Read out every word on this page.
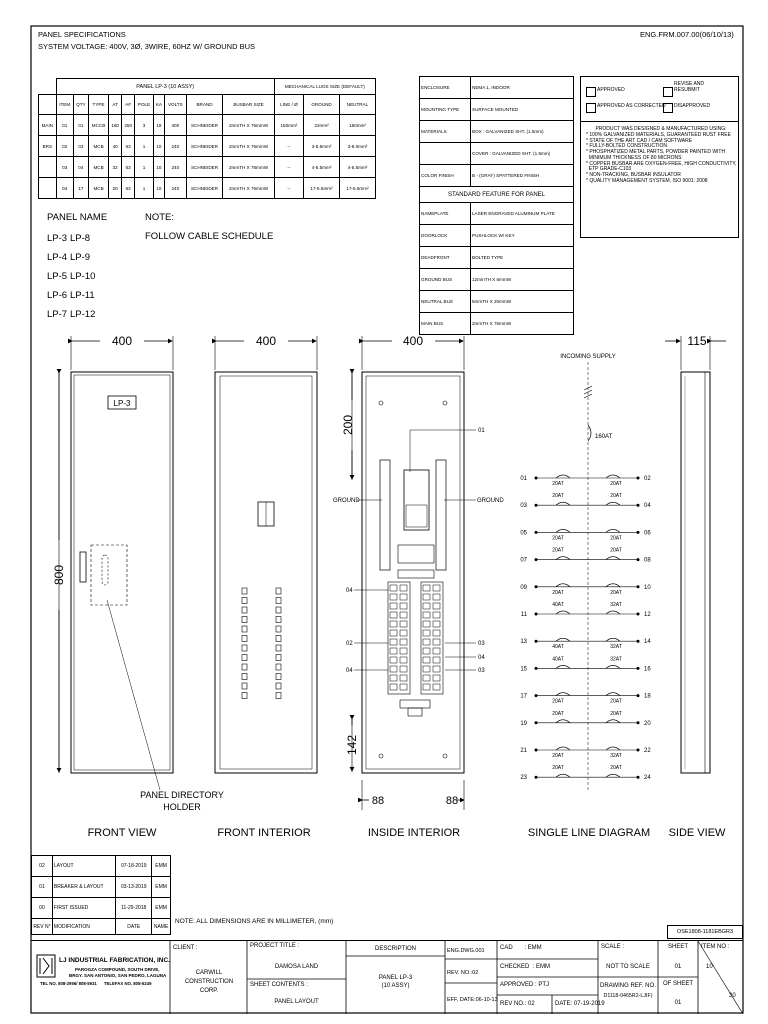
PANEL SPECIFICATIONS
SYSTEM VOLTAGE: 400V, 3Ø, 3WIRE, 60HZ W/ GROUND BUS
ENG.FRM.007.00(06/10/13)
	PANEL LP-3 (10 ASSY)										MECHANICAL LUGS SIZE (DEFAULT)		
	ITEM	QTY	TYPE	AT	AF	POLE	KA	VOLTS	BRAND	BUSBAR SIZE	LINE / Ø	GROUND	NEUTRAL
MAIN	01	01	MCCB	160	250	3	18	400	SCHNEIDER	2mmTH X 76mmW	150mm²	22mm²	150mm²
BRS	02	03	MCB	40	63	1	10	240	SCHNEIDER	2mmTH X 76mmW	--	3-5.5mm²	3-8.0mm²
	03	04	MCB	32	63	1	10	240	SCHNEIDER	2mmTH X 76mmW	--	4-5.5mm²	4-5.5mm²
	04	17	MCB	20	63	1	10	240	SCHNEIDER	2mmTH X 76mmW	--	17-5.5mm²	17-5.5mm²
ENCLOSURE	NEMA 1, INDOOR
MOUNTING TYPE	SURFACE MOUNTED
MATERIALS	BOX : GALVANIZED SHT. (1.5mm)
	COVER : GALVANIZED SHT. (1.5mm)
COLOR FINISH	B - (GRAY) SPATTERED FINISH
STANDARD FEATURE FOR PANEL	
NAMEPLATE	LASER ENGRAVED ALUMINUM PLATE
DOORLOCK	PUSHLOCK W/ KEY
DEADFRONT	BOLTED TYPE
GROUND BUS	12mmTH X 6mmW
NEUTRAL BUS	5mmTH X 20mmW
MAIN BUS	2mmTH X 76mmW
APPROVED
APPROVED AS CORRECTED
REVISE AND RESUBMIT
DISAPPROVED
PRODUCT WAS DESIGNED & MANUFACTURED USING:
* 100% GALVANIZED MATERIALS, GUARANTEED RUST FREE
* STATE OF THE ART CAD / CAM SOFTWARE
* FULLY-BOLTED CONSTRUCTION
* PHOSPHATIZED METAL PARTS, POWDER PAINTED WITH
MINIMUM THICKNESS OF 80 MICRONS
* COPPER BUSBAR ARE OXYGEN-FREE, HIGH CONDUCTIVITY,
ETP GRADE-C103
* NON-TRACKING, BUSBAR INSULATOR
* QUALITY MANAGEMENT SYSTEM, ISO 9001: 2008
PANEL NAME
LP-3
LP-4
LP-5
LP-6
LP-7
LP-8
LP-9
LP-10
LP-11
LP-12
NOTE:
FOLLOW CABLE SCHEDULE
400
LP-3
800
PANEL DIRECTORY
HOLDER
400	400
200
142
01
GROUND	GROUND
04
02
04
03
04
03
88	88
INCOMING SUPPLY
160AT
01	02
20AT	20AT
03	04
20AT	20AT
05	06
20AT	20AT
07	08
20AT	20AT
09	10
20AT	20AT
11	12
40AT	32AT
13	14
40AT	32AT
15	16
40AT	32AT
17	18
20AT	20AT
19	20
20AT	20AT
21	22
20AT	32AT
23	24
20AT	20AT
115
FRONT VIEW	FRONT INTERIOR	INSIDE INTERIOR	SINGLE LINE DIAGRAM SIDE VIEW
02	LAYOUT	07-18-2019	EMM
01	BREAKER & LAYOUT	03-13-2019	EMM
00	FIRST ISSUED	11-29-2018	EMM
REV N°	MODIFICATION	DATE	NAME
NOTE: ALL DIMENSIONS ARE IN MILLIMETER, (mm)
OSE1808-1181EBGR3
LJ INDUSTRIAL FABRICATION, INC.
PAROGZA COMPOUND, SOUTH DRIVE,
BRGY. SAN ANTONIO, SAN PEDRO, LAGUNA
TEL NO. 808-2956/ 808-5931      TELEFAX NO. 808-5249
CLIENT :
CARWILL CONSTRUCTION
CORP.
PROJECT TITLE :
DAMOSA LAND
SHEET CONTENTS :
PANEL LAYOUT
DESCRIPTION
PANEL LP-3
(10 ASSY)
ENG.DWG.001
REV. NO.:02
EFF. DATE:06-10-13
CAD       : EMM
CHECKED  : EMM
APPROVED : PTJ
REV NO.: 02	DATE: 07-19-2019
SCALE :
NOT TO SCALE
DRAWING REF. NO.
D1118-0465R2-LJIF)
SHEET
01
OF SHEET
01
ITEM NO :
10
30
